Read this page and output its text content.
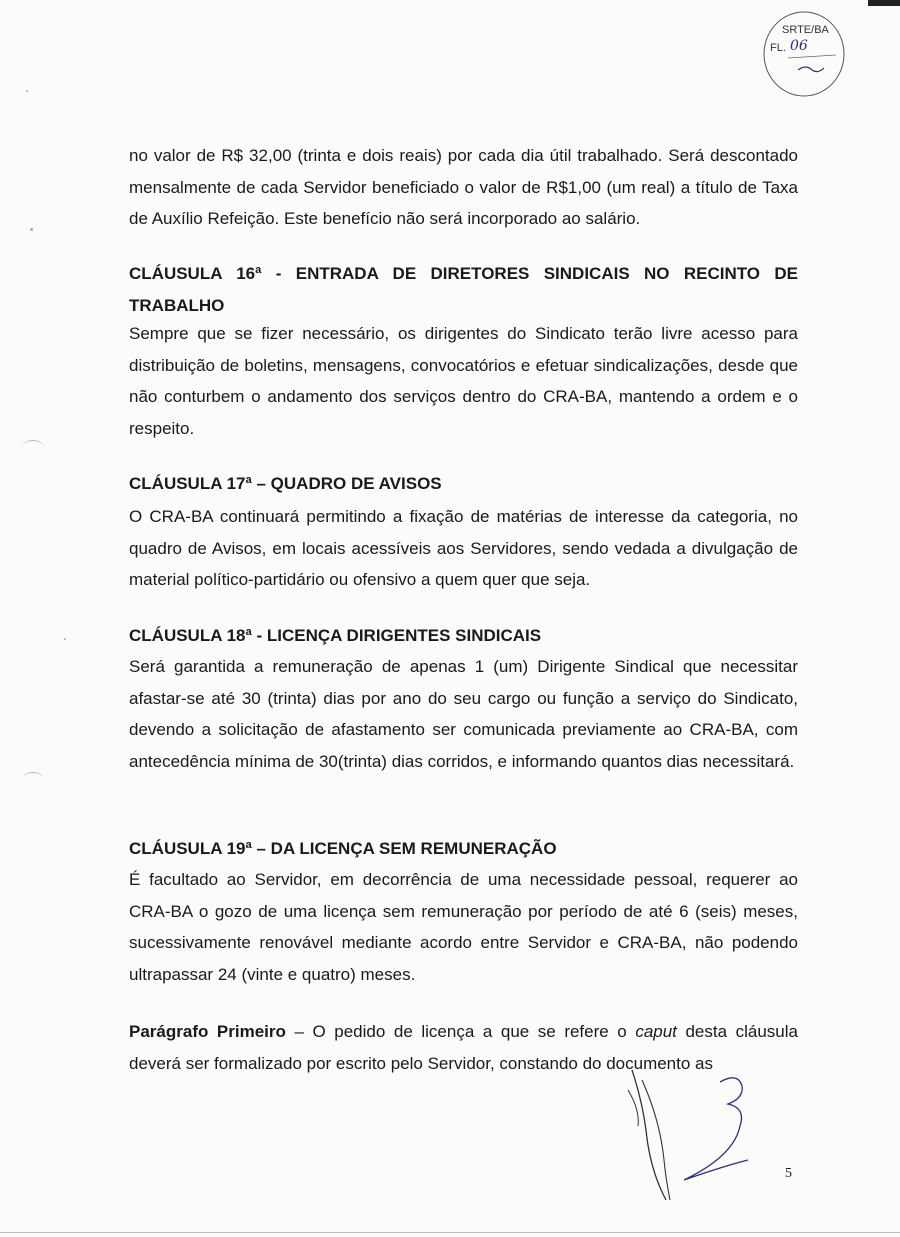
SRTE/BA
FL. 06
no valor de R$ 32,00 (trinta e dois reais) por cada dia útil trabalhado. Será descontado mensalmente de cada Servidor beneficiado o valor de R$1,00 (um real) a título de Taxa de Auxílio Refeição. Este benefício não será incorporado ao salário.
CLÁUSULA 16ª - ENTRADA DE DIRETORES SINDICAIS NO RECINTO DE TRABALHO
Sempre que se fizer necessário, os dirigentes do Sindicato terão livre acesso para distribuição de boletins, mensagens, convocatórios e efetuar sindicalizações, desde que não conturbem o andamento dos serviços dentro do CRA-BA, mantendo a ordem e o respeito.
CLÁUSULA 17ª – QUADRO DE AVISOS
O CRA-BA continuará permitindo a fixação de matérias de interesse da categoria, no quadro de Avisos, em locais acessíveis aos Servidores, sendo vedada a divulgação de material político-partidário ou ofensivo a quem quer que seja.
CLÁUSULA 18ª - LICENÇA DIRIGENTES SINDICAIS
Será garantida a remuneração de apenas 1 (um) Dirigente Sindical que necessitar afastar-se até 30 (trinta) dias por ano do seu cargo ou função a serviço do Sindicato, devendo a solicitação de afastamento ser comunicada previamente ao CRA-BA, com antecedência mínima de 30(trinta) dias corridos, e informando quantos dias necessitará.
CLÁUSULA 19ª – DA LICENÇA SEM REMUNERAÇÃO
É facultado ao Servidor, em decorrência de uma necessidade pessoal, requerer ao CRA-BA o gozo de uma licença sem remuneração por período de até 6 (seis) meses, sucessivamente renovável mediante acordo entre Servidor e CRA-BA, não podendo ultrapassar 24 (vinte e quatro) meses.
Parágrafo Primeiro – O pedido de licença a que se refere o caput desta cláusula deverá ser formalizado por escrito pelo Servidor, constando do documento as
5
